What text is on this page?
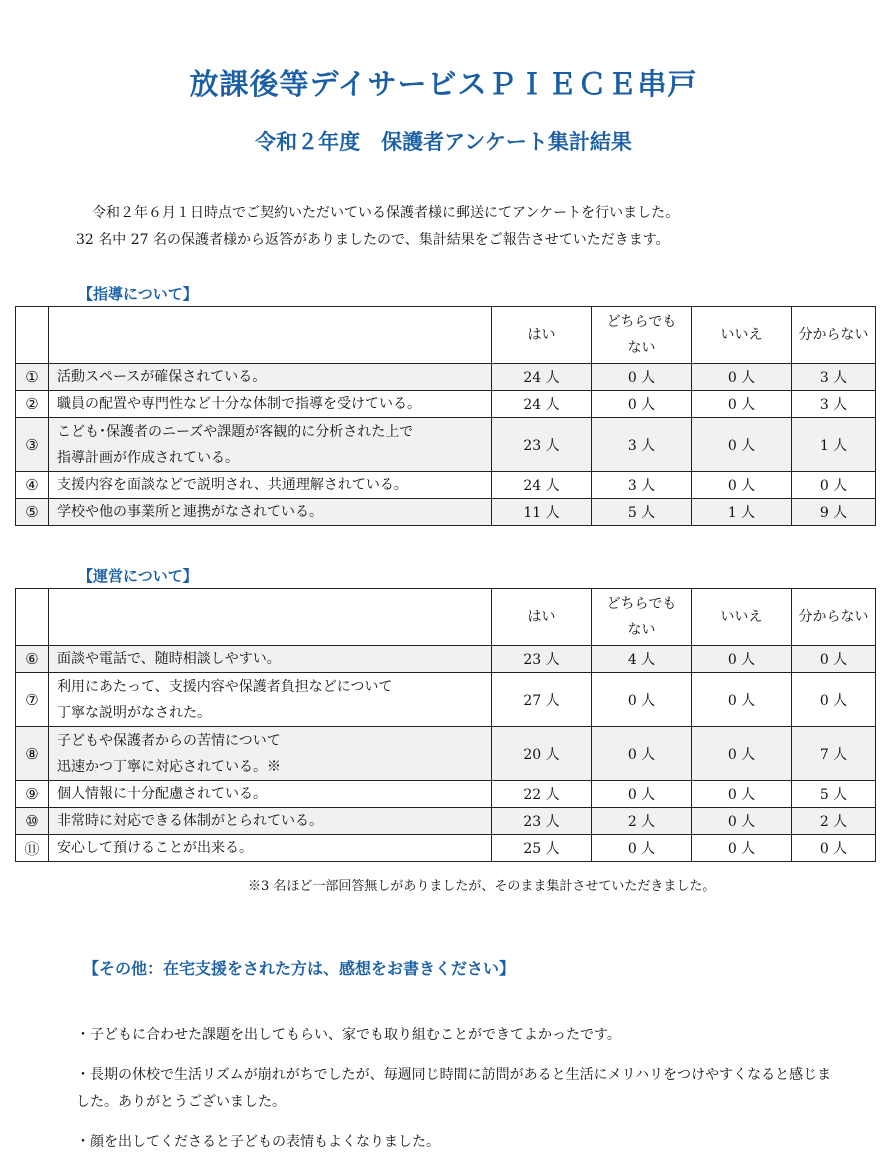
放課後等デイサービスＰＩＥＣＥ串戸
令和２年度　保護者アンケート集計結果
令和２年６月１日時点でご契約いただいている保護者様に郵送にてアンケートを行いました。
32 名中 27 名の保護者様から返答がありましたので、集計結果をご報告させていただきます。
【指導について】
		はい	どちらでも
ない	いいえ	分からない
①	活動スペースが確保されている。	24 人	0 人	0 人	3 人
②	職員の配置や専門性など十分な体制で指導を受けている。	24 人	0 人	0 人	3 人
③	こども･保護者のニーズや課題が客観的に分析された上で
指導計画が作成されている。	23 人	3 人	0 人	1 人
④	支援内容を面談などで説明され、共通理解されている。	24 人	3 人	0 人	0 人
⑤	学校や他の事業所と連携がなされている。	11 人	5 人	1 人	9 人
【運営について】
		はい	どちらでも
ない	いいえ	分からない
⑥	面談や電話で、随時相談しやすい。	23 人	4 人	0 人	0 人
⑦	利用にあたって、支援内容や保護者負担などについて
丁寧な説明がなされた。	27 人	0 人	0 人	0 人
⑧	子どもや保護者からの苦情について
迅速かつ丁寧に対応されている。※	20 人	0 人	0 人	7 人
⑨	個人情報に十分配慮されている。	22 人	0 人	0 人	5 人
⑩	非常時に対応できる体制がとられている。	23 人	2 人	0 人	2 人
⑪	安心して預けることが出来る。	25 人	0 人	0 人	0 人
※3 名ほど一部回答無しがありましたが、そのまま集計させていただきました。
【その他：在宅支援をされた方は、感想をお書きください】

・子どもに合わせた課題を出してもらい、家でも取り組むことができてよかったです。

・長期の休校で生活リズムが崩れがちでしたが、毎週同じ時間に訪問があると生活にメリハリをつけやすくなると感じました。ありがとうございました。

・顔を出してくださると子どもの表情もよくなりました。
